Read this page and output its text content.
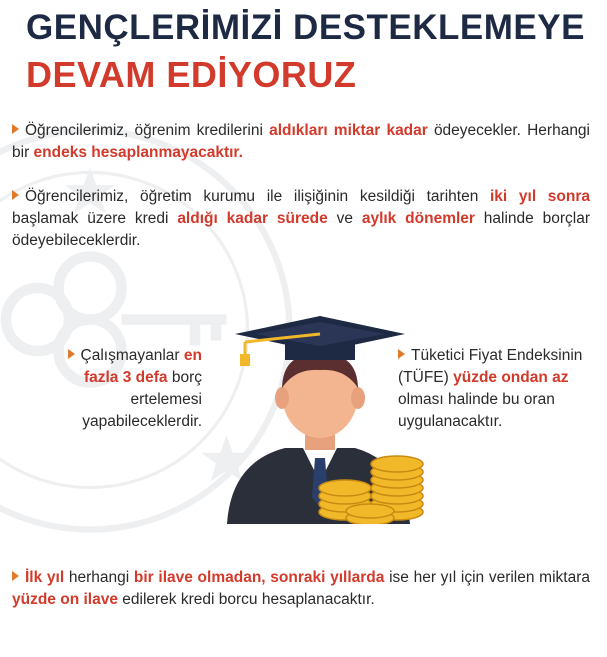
GENÇLERİMİZİ DESTEKLEMEYE
DEVAM EDİYORUZ
Öğrencilerimiz, öğrenim kredilerini aldıkları miktar kadar ödeyecekler. Herhangi bir endeks hesaplanmayacaktır.
Öğrencilerimiz, öğretim kurumu ile ilişiğinin kesildiği tarihten iki yıl sonra başlamak üzere kredi aldığı kadar sürede ve aylık dönemler halinde borçlar ödeyebileceklerdir.
Çalışmayanlar en fazla 3 defa borç ertelemesi yapabileceklerdir.
Tüketici Fiyat Endeksinin (TÜFE) yüzde ondan az olması halinde bu oran uygulanacaktır.
İlk yıl herhangi bir ilave olmadan, sonraki yıllarda ise her yıl için verilen miktara yüzde on ilave edilerek kredi borcu hesaplanacaktır.
